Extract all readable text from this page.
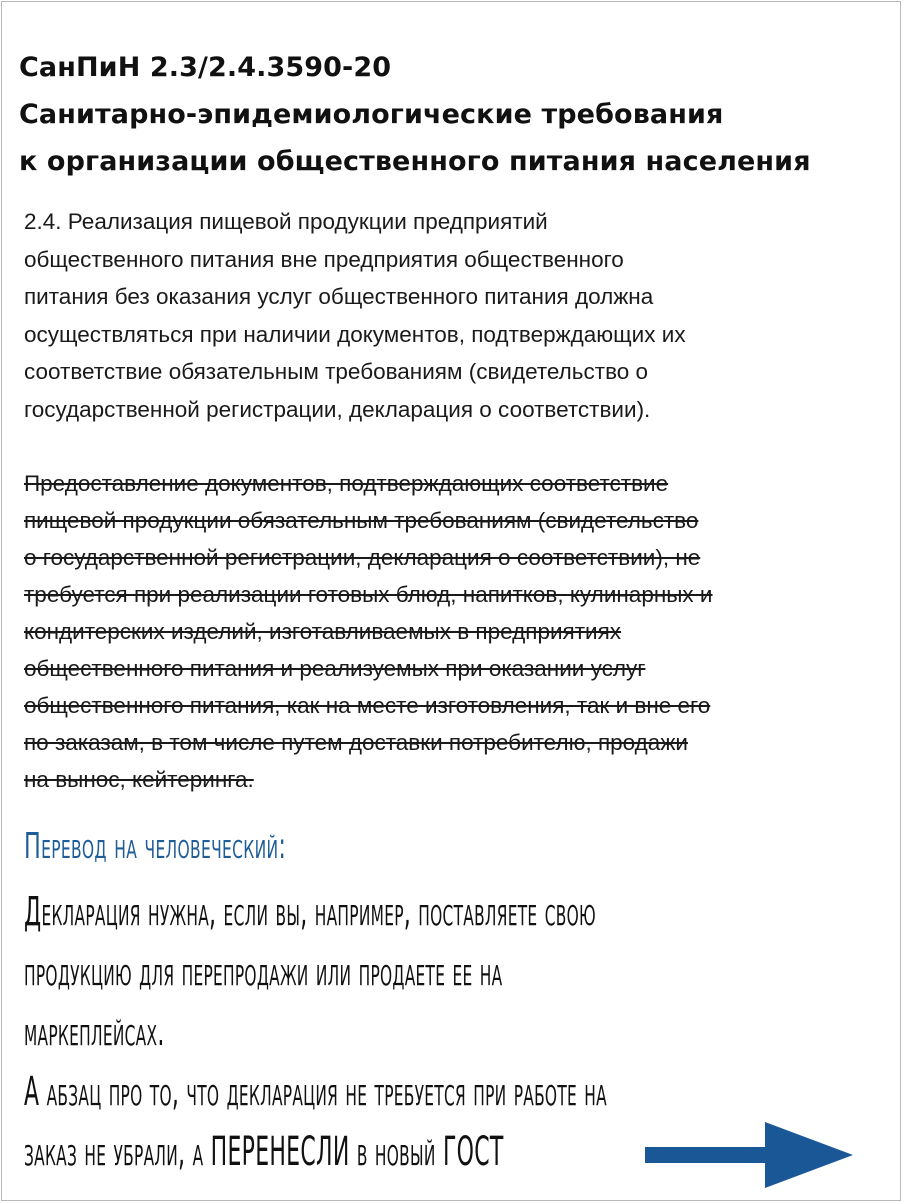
СанПиН 2.3/2.4.3590-20
Санитарно-эпидемиологические требования
к организации общественного питания населения
2.4. Реализация пищевой продукции предприятий
общественного питания вне предприятия общественного
питания без оказания услуг общественного питания должна
осуществляться при наличии документов, подтверждающих их
соответствие обязательным требованиям (свидетельство о
государственной регистрации, декларация о соответствии).
Предоставление документов, подтверждающих соответствие
пищевой продукции обязательным требованиям (свидетельство
о государственной регистрации, декларация о соответствии), не
требуется при реализации готовых блюд, напитков, кулинарных и
кондитерских изделий, изготавливаемых в предприятиях
общественного питания и реализуемых при оказании услуг
общественного питания, как на месте изготовления, так и вне его
по заказам, в том числе путем доставки потребителю, продажи
на вынос, кейтеринга.
Перевод на человеческий:
Декларация нужна, если вы, например, поставляете свою
продукцию для перепродажи или продаете ее на
маркеплейсах.
А абзац про то, что декларация не требуется при работе на
заказ не убрали, а ПЕРЕНЕСЛИ в новый ГОСТ
